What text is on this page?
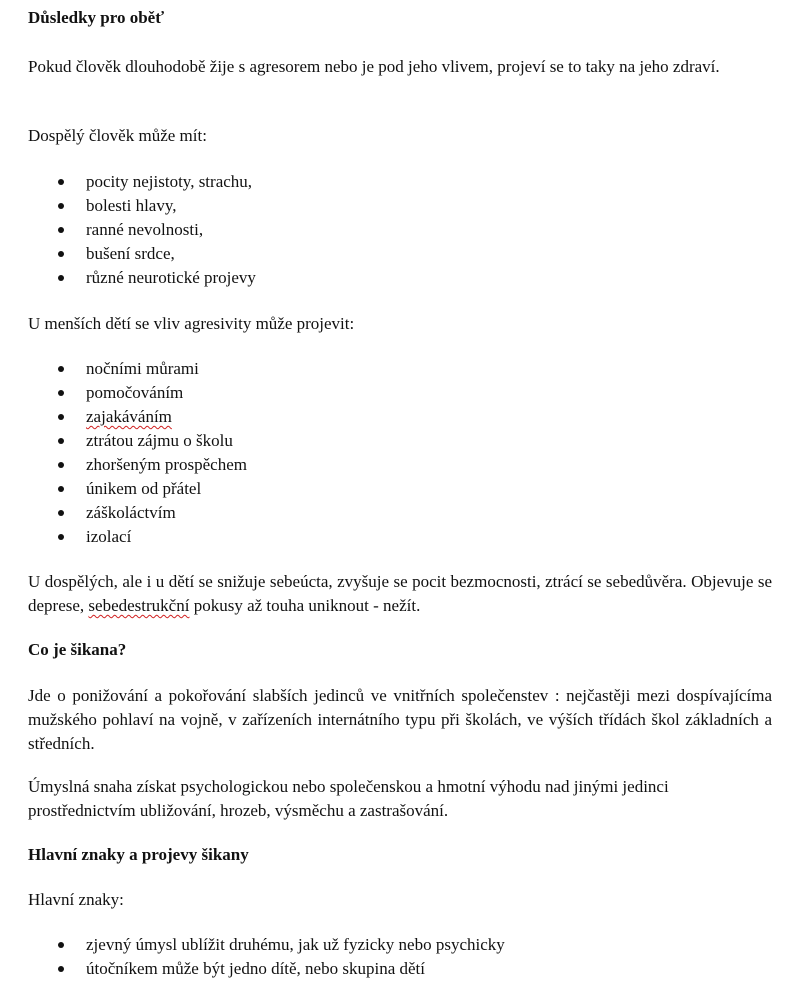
Důsledky pro oběť

Pokud člověk dlouhodobě žije s agresorem nebo je pod jeho vlivem, projeví se to taky na jeho zdraví.

Dospělý člověk může mít:

pocity nejistoty, strachu,
bolesti hlavy,
ranné nevolnosti,
bušení srdce,
různé neurotické projevy

U menších dětí se vliv agresivity může projevit:

nočními můrami
pomočováním
zajakáváním
ztrátou zájmu o školu
zhoršeným prospěchem
únikem od přátel
záškoláctvím
izolací

U dospělých, ale i u dětí se snižuje sebeúcta, zvyšuje se pocit bezmocnosti, ztrácí se sebedůvěra. Objevuje se deprese, sebedestrukční pokusy až touha uniknout - nežít.

Co je šikana?

Jde o ponižování a pokořování slabších jedinců ve vnitřních společenstev : nejčastěji mezi dospívajícíma mužského pohlaví na vojně, v zařízeních internátního typu při školách, ve výších třídách škol základních a středních.

Úmyslná snaha získat psychologickou nebo společenskou a hmotní výhodu nad jinými jedinci prostřednictvím ubližování, hrozeb, výsměchu a zastrašování.

Hlavní znaky a projevy šikany

Hlavní znaky:

zjevný úmysl ublížit druhému, jak už fyzicky nebo psychicky
útočníkem může být jedno dítě, nebo skupina dětí
